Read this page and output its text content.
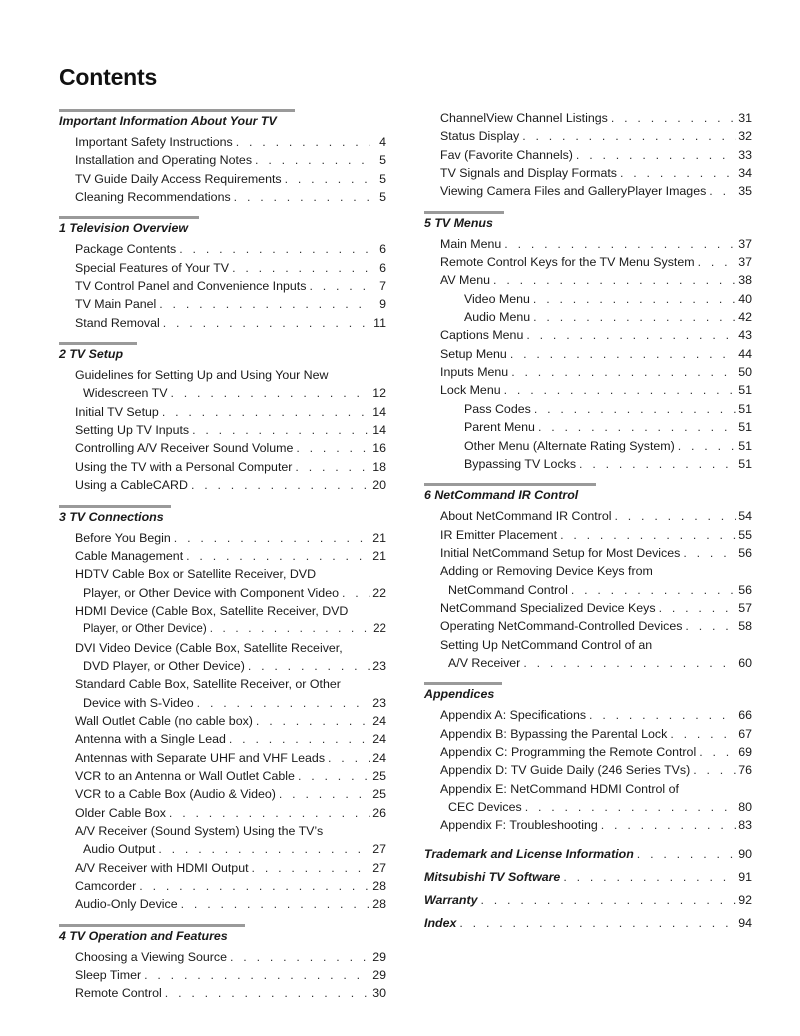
Contents
Important Information About Your TV
Important Safety Instructions . . .	4
Installation and Operating Notes . . .	5
TV Guide Daily Access Requirements . . .	5
Cleaning Recommendations . . .	5
1 Television Overview
Package Contents . . .	6
Special Features of Your TV . . .	6
TV Control Panel and Convenience Inputs . . .	7
TV Main Panel . . .	9
Stand Removal . . .	11
2 TV Setup
Guidelines for Setting Up and Using Your New
Widescreen TV . . .	12
Initial TV Setup . . .	14
Setting Up TV Inputs . . .	14
Controlling A/V Receiver Sound Volume . . .	16
Using the TV with a Personal Computer . . .	18
Using a CableCARD . . .	20
3 TV Connections
Before You Begin . . .	21
Cable Management . . .	21
HDTV Cable Box or Satellite Receiver, DVD
Player, or Other Device with Component Video . . .	22
HDMI Device (Cable Box, Satellite Receiver, DVD
Player, or Other Device) . . .	22
DVI Video Device (Cable Box, Satellite Receiver,
DVD Player, or Other Device) . . .	23
Standard Cable Box, Satellite Receiver, or Other
Device with S-Video . . .	23
Wall Outlet Cable (no cable box) . . .	24
Antenna with a Single Lead . . .	24
Antennas with Separate UHF and VHF Leads . . .	24
VCR to an Antenna or Wall Outlet Cable . . .	25
VCR to a Cable Box (Audio & Video) . . .	25
Older Cable Box . . .	26
A/V Receiver (Sound System) Using the TV’s
Audio Output . . .	27
A/V Receiver with HDMI Output . . .	27
Camcorder . . .	28
Audio-Only Device . . .	28
4 TV Operation and Features
Choosing a Viewing Source . . .	29
Sleep Timer . . .	29
Remote Control . . .	30
ChannelView Channel Listings . . .	31
Status Display . . .	32
Fav (Favorite Channels) . . .	33
TV Signals and Display Formats . . .	34
Viewing Camera Files and GalleryPlayer Images . . .	35
5 TV Menus
Main Menu . . .	37
Remote Control Keys for the TV Menu System . . .	37
AV Menu . . .	38
Video Menu . . .	40
Audio Menu . . .	42
Captions Menu . . .	43
Setup Menu . . .	44
Inputs Menu . . .	50
Lock Menu . . .	51
Pass Codes . . .	51
Parent Menu . . .	51
Other Menu (Alternate Rating System) . . .	51
Bypassing TV Locks . . .	51
6 NetCommand IR Control
About NetCommand IR Control . . .	54
IR Emitter Placement . . .	55
Initial NetCommand Setup for Most Devices . . .	56
Adding or Removing Device Keys from
NetCommand Control . . .	56
NetCommand Specialized Device Keys . . .	57
Operating NetCommand-Controlled Devices . . .	58
Setting Up NetCommand Control of an
A/V Receiver . . .	60
Appendices
Appendix A: Specifications . . .	66
Appendix B: Bypassing the Parental Lock . . .	67
Appendix C: Programming the Remote Control . . .	69
Appendix D: TV Guide Daily (246 Series TVs) . . .	76
Appendix E: NetCommand HDMI Control of
CEC Devices . . .	80
Appendix F: Troubleshooting . . .	83
Trademark and License Information . . .	90
Mitsubishi TV Software . . .	91
Warranty . . .	92
Index . . .	94
